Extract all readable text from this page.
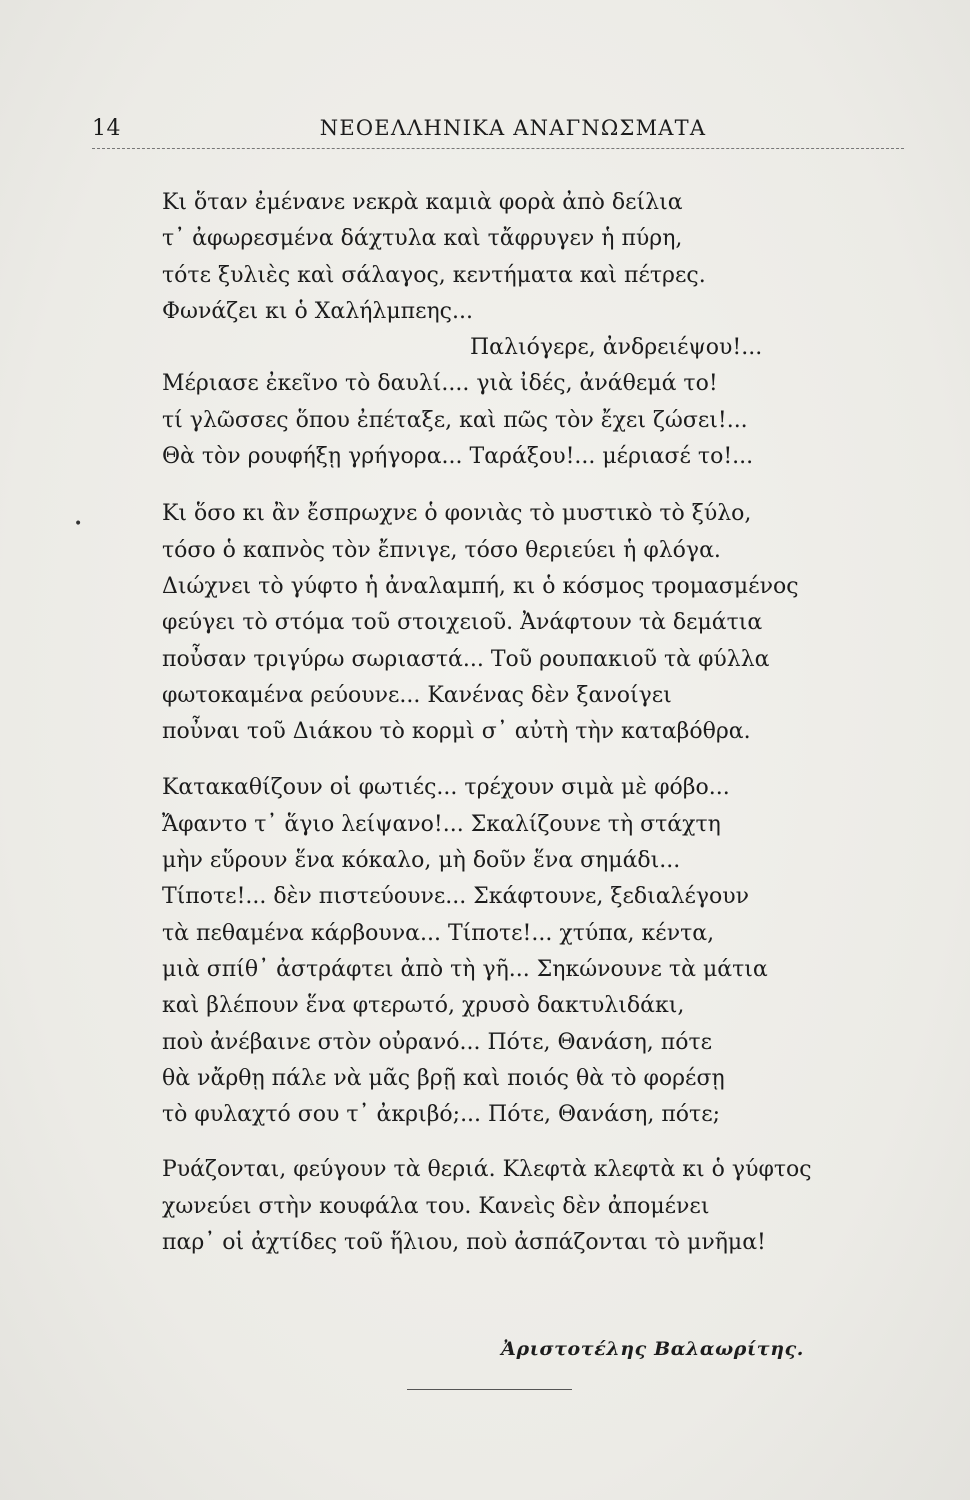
14	ΝΕΟΕΛΛΗΝΙΚΑ ΑΝΑΓΝΩΣΜΑΤΑ
•
Κι ὅταν ἐμένανε νεκρὰ καμιὰ φορὰ ἀπὸ δείλια
τ᾽ ἀφωρεσμένα δάχτυλα καὶ τἄφρυγεν ἡ πύρη,
τότε ξυλιὲς καὶ σάλαγος, κεντήματα καὶ πέτρες.
Φωνάζει κι ὁ Χαλήλμπεης...
Παλιόγερε, ἀνδρειέψου!...
Μέριασε ἐκεῖνο τὸ δαυλί.... γιὰ ἰδές, ἀνάθεμά το!
τί γλῶσσες ὅπου ἐπέταξε, καὶ πῶς τὸν ἔχει ζώσει!...
Θὰ τὸν ρουφήξῃ γρήγορα... Ταράξου!... μέριασέ το!...
Κι ὅσο κι ἂν ἔσπρωχνε ὁ φονιὰς τὸ μυστικὸ τὸ ξύλο,
τόσο ὁ καπνὸς τὸν ἔπνιγε, τόσο θεριεύει ἡ φλόγα.
Διώχνει τὸ γύφτο ἡ ἀναλαμπή, κι ὁ κόσμος τρομασμένος
φεύγει τὸ στόμα τοῦ στοιχειοῦ. Ἀνάφτουν τὰ δεμάτια
ποὖσαν τριγύρω σωριαστά... Τοῦ ρουπακιοῦ τὰ φύλλα
φωτοκαμένα ρεύουνε... Κανένας δὲν ξανοίγει
ποὖναι τοῦ Διάκου τὸ κορμὶ σ᾽ αὐτὴ τὴν καταβόθρα.
Κατακαθίζουν οἱ φωτιές... τρέχουν σιμὰ μὲ φόβο...
Ἄφαντο τ᾽ ἅγιο λείψανο!... Σκαλίζουνε τὴ στάχτη
μὴν εὕρουν ἕνα κόκαλο, μὴ δοῦν ἕνα σημάδι...
Τίποτε!... δὲν πιστεύουνε... Σκάφτουνε, ξεδιαλέγουν
τὰ πεθαμένα κάρβουνα... Τίποτε!... χτύπα, κέντα,
μιὰ σπίθ᾽ ἀστράφτει ἀπὸ τὴ γῆ... Σηκώνουνε τὰ μάτια
καὶ βλέπουν ἕνα φτερωτό, χρυσὸ δακτυλιδάκι,
ποὺ ἀνέβαινε στὸν οὐρανό... Πότε, Θανάση, πότε
θὰ νἄρθῃ πάλε νὰ μᾶς βρῇ καὶ ποιός θὰ τὸ φορέσῃ
τὸ φυλαχτό σου τ᾽ ἀκριβό;... Πότε, Θανάση, πότε;
Ρυάζονται, φεύγουν τὰ θεριά. Κλεφτὰ κλεφτὰ κι ὁ γύφτος
χωνεύει στὴν κουφάλα του. Κανεὶς δὲν ἀπομένει
παρ᾽ οἱ ἀχτίδες τοῦ ἥλιου, ποὺ ἀσπάζονται τὸ μνῆμα!
Ἀριστοτέλης Βαλαωρίτης.
